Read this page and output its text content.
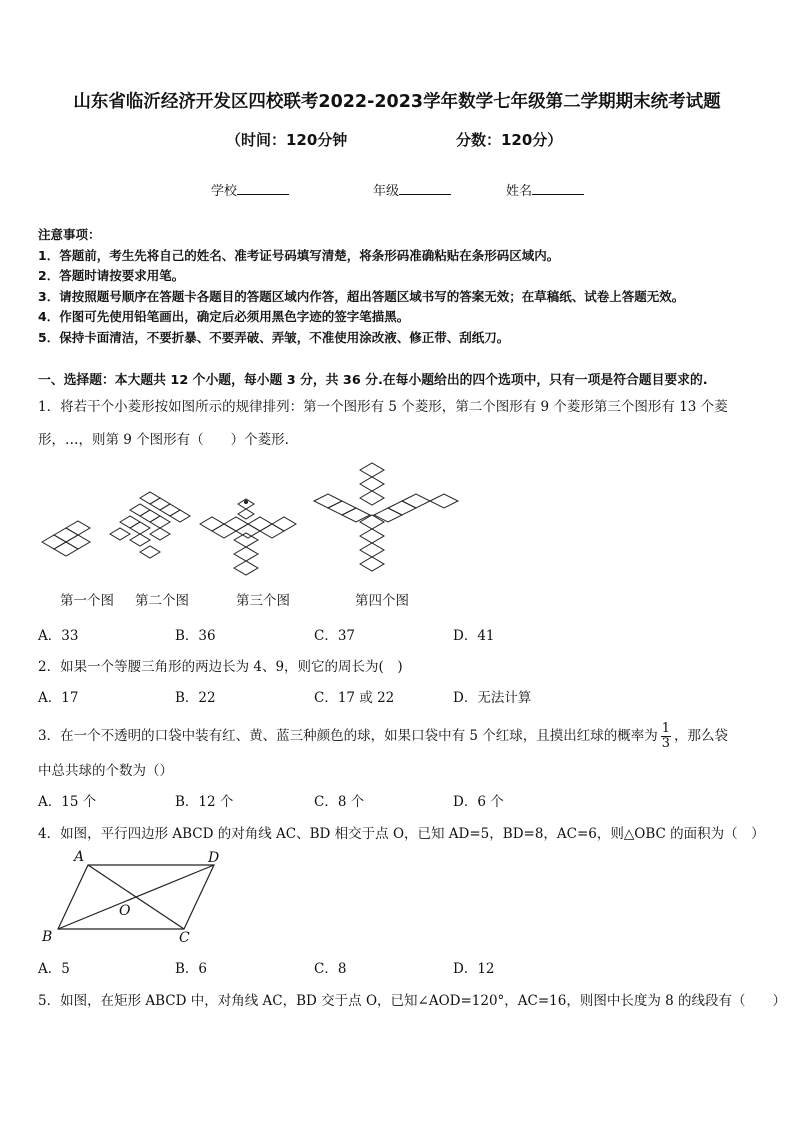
山东省临沂经济开发区四校联考2022-2023学年数学七年级第二学期期末统考试题
（时间：120分钟	分数：120分）
学校	年级	姓名
注意事项：
1．答题前，考生先将自己的姓名、准考证号码填写清楚，将条形码准确粘贴在条形码区域内。
2．答题时请按要求用笔。
3．请按照题号顺序在答题卡各题目的答题区域内作答，超出答题区域书写的答案无效；在草稿纸、试卷上答题无效。
4．作图可先使用铅笔画出，确定后必须用黑色字迹的签字笔描黑。
5．保持卡面清洁，不要折暴、不要弄破、弄皱，不准使用涂改液、修正带、刮纸刀。
一、选择题：本大题共 12 个小题，每小题 3 分，共 36 分.在每小题给出的四个选项中，只有一项是符合题目要求的.
1．将若干个小菱形按如图所示的规律排列：第一个图形有 5 个菱形，第二个图形有 9 个菱形第三个图形有 13 个菱
形，…，则第 9 个图形有（　　）个菱形.
第一个图 第二个图	第三个图	第四个图
A．33	B．36	C．37	D．41
2．如果一个等腰三角形的两边长为 4、9，则它的周长为(　)
A．17	B．22	C．17 或 22	D．无法计算
3．在一个不透明的口袋中装有红、黄、蓝三种颜色的球，如果口袋中有 5 个红球，且摸出红球的概率为 $\frac{1}{3}$ ，那么袋
中总共球的个数为（）
A．15 个	B．12 个	C．8 个	D．6 个
4．如图，平行四边形 ABCD 的对角线 AC、BD 相交于点 O，已知 AD=5，BD=8，AC=6，则△OBC 的面积为（　）
A	D
O
B	C
A．5	B．6	C．8	D．12
5．如图，在矩形 ABCD 中，对角线 AC，BD 交于点 O，已知∠AOD=120°，AC=16，则图中长度为 8 的线段有（　　）
